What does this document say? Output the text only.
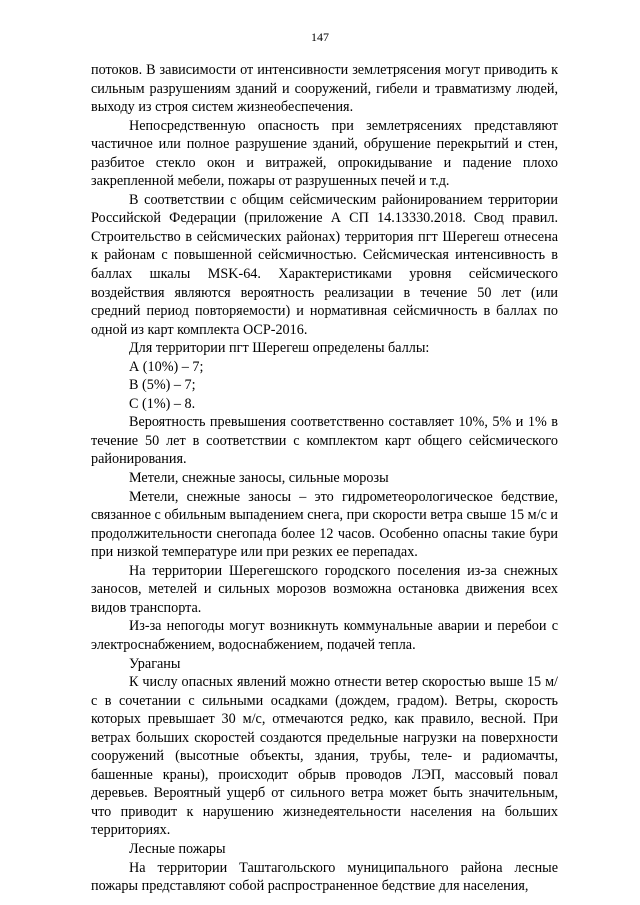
147

потоков. В зависимости от интенсивности землетрясения могут приводить к сильным разрушениям зданий и сооружений, гибели и травматизму людей, выходу из строя систем жизнеобеспечения.

Непосредственную опасность при землетрясениях представляют частичное или полное разрушение зданий, обрушение перекрытий и стен, разбитое стекло окон и витражей, опрокидывание и падение плохо закрепленной мебели, пожары от разрушенных печей и т.д.

В соответствии с общим сейсмическим районированием территории Российской Федерации (приложение А СП 14.13330.2018. Свод правил. Строительство в сейсмических районах) территория пгт Шерегеш отнесена к районам с повышенной сейсмичностью. Сейсмическая интенсивность в баллах шкалы MSK-64. Характеристиками уровня сейсмического воздействия являются вероятность реализации в течение 50 лет (или средний период повторяемости) и нормативная сейсмичность в баллах по одной из карт комплекта ОСР-2016.

Для территории пгт Шерегеш определены баллы:

А (10%) – 7;

В (5%) – 7;

С (1%) – 8.

Вероятность превышения соответственно составляет 10%, 5% и 1% в течение 50 лет в соответствии с комплектом карт общего сейсмического районирования.

Метели, снежные заносы, сильные морозы

Метели, снежные заносы – это гидрометеорологическое бедствие, связанное с обильным выпадением снега, при скорости ветра свыше 15 м/с и продолжительности снегопада более 12 часов. Особенно опасны такие бури при низкой температуре или при резких ее перепадах.

На территории Шерегешского городского поселения из-за снежных заносов, метелей и сильных морозов возможна остановка движения всех видов транспорта.

Из-за непогоды могут возникнуть коммунальные аварии и перебои с электроснабжением, водоснабжением, подачей тепла.

Ураганы

К числу опасных явлений можно отнести ветер скоростью выше 15 м/с в сочетании с сильными осадками (дождем, градом). Ветры, скорость которых превышает 30 м/с, отмечаются редко, как правило, весной. При ветрах больших скоростей создаются предельные нагрузки на поверхности сооружений (высотные объекты, здания, трубы, теле- и радиомачты, башенные краны), происходит обрыв проводов ЛЭП, массовый повал деревьев. Вероятный ущерб от сильного ветра может быть значительным, что приводит к нарушению жизнедеятельности населения на больших территориях.

Лесные пожары

На территории Таштагольского муниципального района лесные пожары представляют собой распространенное бедствие для населения,
